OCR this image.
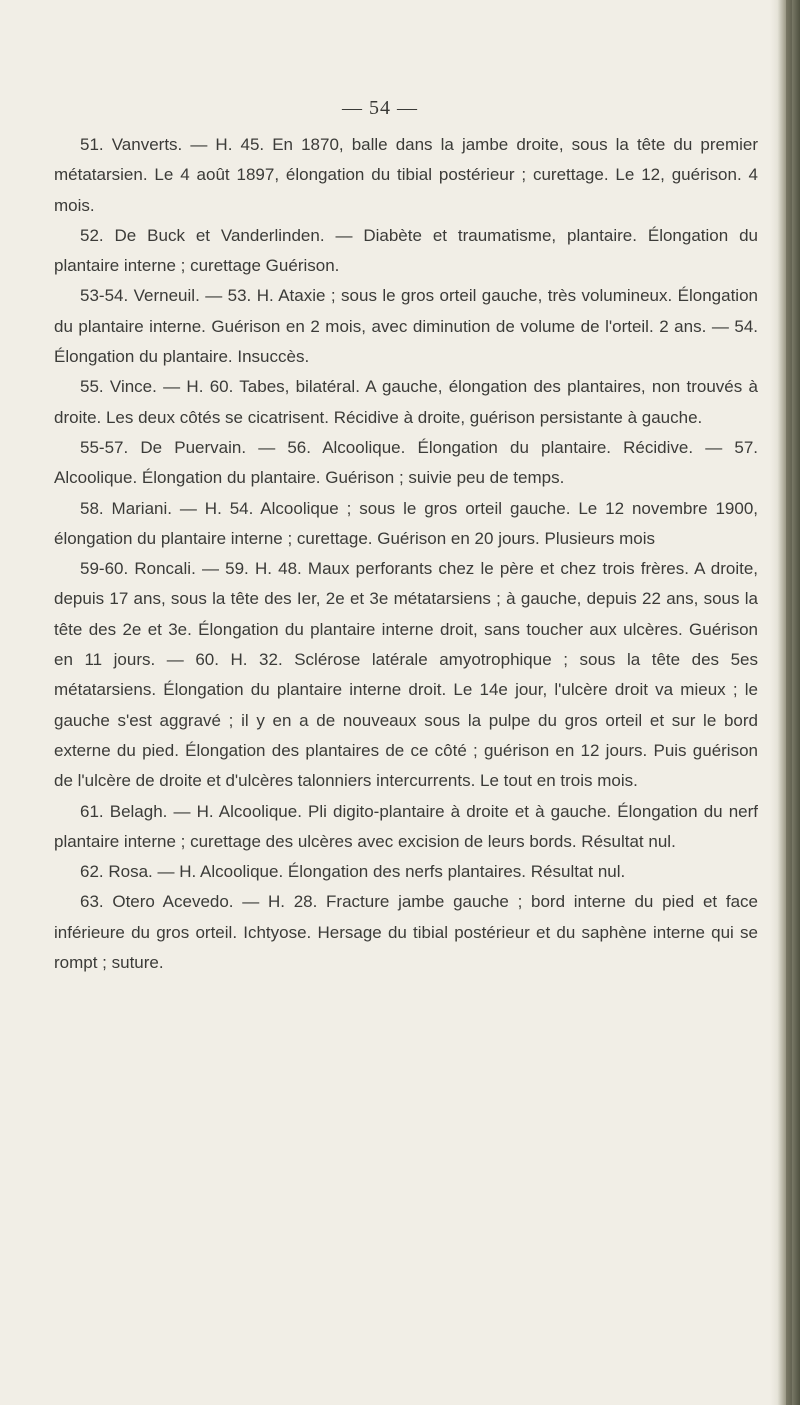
— 54 —

51. Vanverts. — H. 45. En 1870, balle dans la jambe droite, sous la tête du premier métatarsien. Le 4 août 1897, élongation du tibial postérieur ; curettage. Le 12, guérison. 4 mois.

52. De Buck et Vanderlinden. — Diabète et traumatisme, plantaire. Élongation du plantaire interne ; curettage Guérison.

53-54. Verneuil. — 53. H. Ataxie ; sous le gros orteil gauche, très volumineux. Élongation du plantaire interne. Guérison en 2 mois, avec diminution de volume de l'orteil. 2 ans. — 54. Élongation du plantaire. Insuccès.

55. Vince. — H. 60. Tabes, bilatéral. A gauche, élongation des plantaires, non trouvés à droite. Les deux côtés se cicatrisent. Récidive à droite, guérison persistante à gauche.

55-57. De Puervain. — 56. Alcoolique. Élongation du plantaire. Récidive. — 57. Alcoolique. Élongation du plantaire. Guérison ; suivie peu de temps.

58. Mariani. — H. 54. Alcoolique ; sous le gros orteil gauche. Le 12 novembre 1900, élongation du plantaire interne ; curettage. Guérison en 20 jours. Plusieurs mois

59-60. Roncali. — 59. H. 48. Maux perforants chez le père et chez trois frères. A droite, depuis 17 ans, sous la tête des Ier, 2e et 3e métatarsiens ; à gauche, depuis 22 ans, sous la tête des 2e et 3e. Élongation du plantaire interne droit, sans toucher aux ulcères. Guérison en 11 jours. — 60. H. 32. Sclérose latérale amyotrophique ; sous la tête des 5es métatarsiens. Élongation du plantaire interne droit. Le 14e jour, l'ulcère droit va mieux ; le gauche s'est aggravé ; il y en a de nouveaux sous la pulpe du gros orteil et sur le bord externe du pied. Élongation des plantaires de ce côté ; guérison en 12 jours. Puis guérison de l'ulcère de droite et d'ulcères talonniers intercurrents. Le tout en trois mois.

61. Belagh. — H. Alcoolique. Pli digito-plantaire à droite et à gauche. Élongation du nerf plantaire interne ; curettage des ulcères avec excision de leurs bords. Résultat nul.

62. Rosa. — H. Alcoolique. Élongation des nerfs plantaires. Résultat nul.

63. Otero Acevedo. — H. 28. Fracture jambe gauche ; bord interne du pied et face inférieure du gros orteil. Ichtyose. Hersage du tibial postérieur et du saphène interne qui se rompt ; suture.
